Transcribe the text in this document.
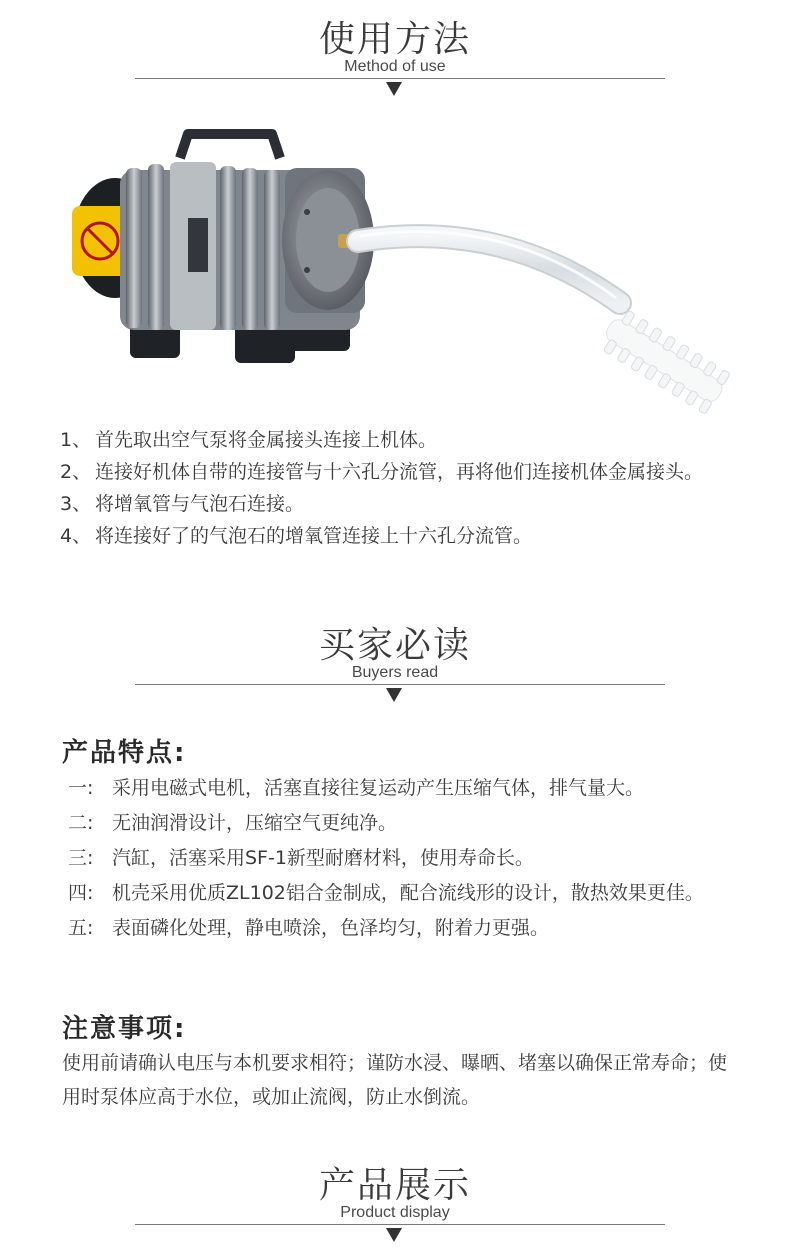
使用方法
Method of use
1、 首先取出空气泵将金属接头连接上机体。
2、 连接好机体自带的连接管与十六孔分流管，再将他们连接机体金属接头。
3、 将增氧管与气泡石连接。
4、 将连接好了的气泡石的增氧管连接上十六孔分流管。
买家必读
Buyers read
产品特点:
一: 采用电磁式电机，活塞直接往复运动产生压缩气体，排气量大。
二: 无油润滑设计，压缩空气更纯净。
三: 汽缸，活塞采用SF-1新型耐磨材料，使用寿命长。
四: 机壳采用优质ZL102铝合金制成，配合流线形的设计，散热效果更佳。
五: 表面磷化处理，静电喷涂，色泽均匀，附着力更强。
注意事项:
使用前请确认电压与本机要求相符；谨防水浸、曝晒、堵塞以确保正常寿命；使用时泵体应高于水位，或加止流阀，防止水倒流。
产品展示
Product display
